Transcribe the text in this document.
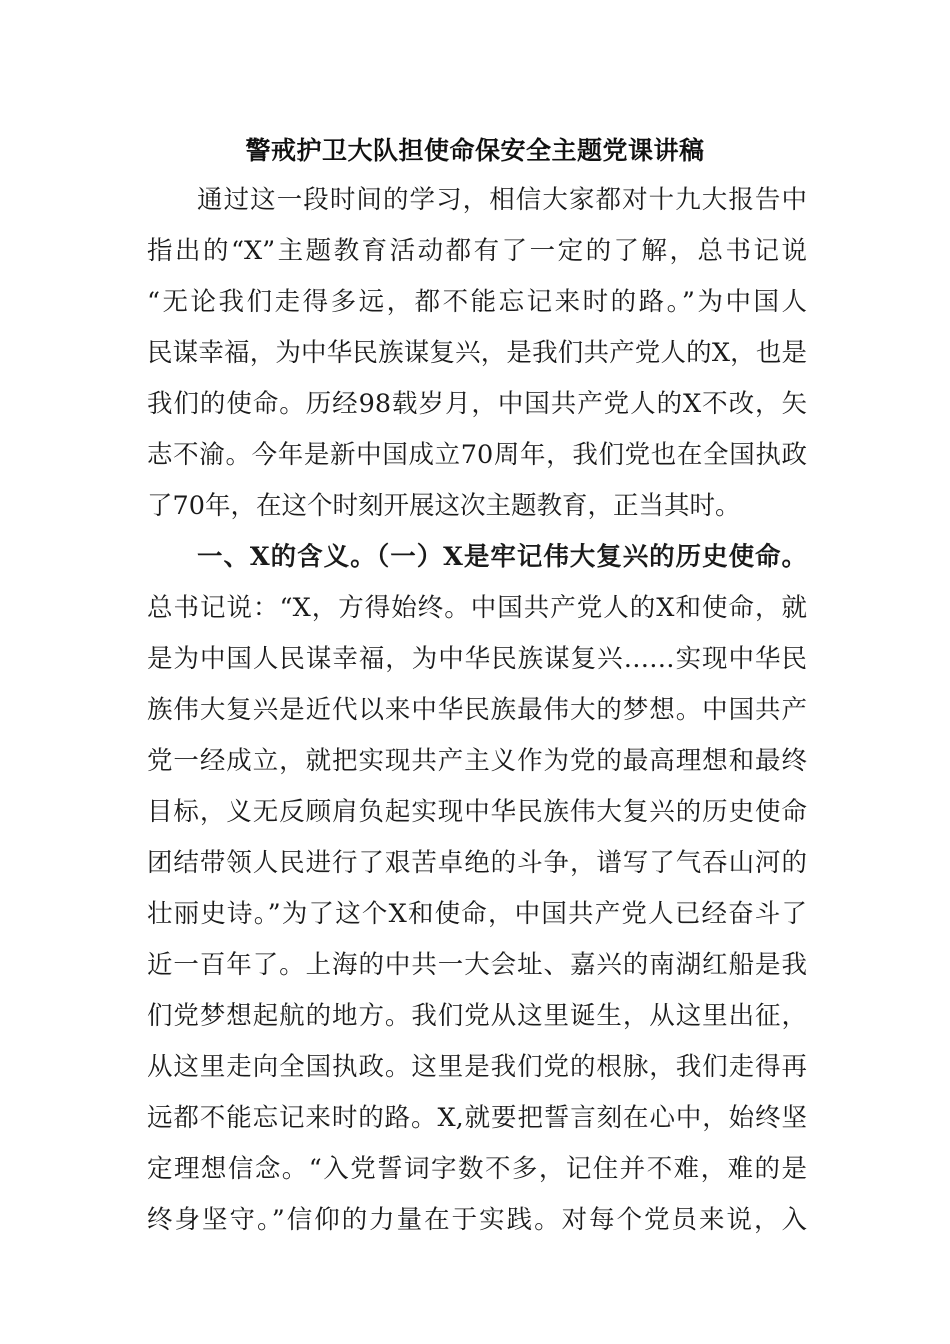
警戒护卫大队担使命保安全主题党课讲稿
通过这一段时间的学习，相信大家都对十九大报告中
指出的“X”主题教育活动都有了一定的了解，总书记说
“无论我们走得多远，都不能忘记来时的路。”为中国人
民谋幸福，为中华民族谋复兴，是我们共产党人的X，也是
我们的使命。历经98载岁月，中国共产党人的X不改，矢
志不渝。今年是新中国成立70周年，我们党也在全国执政
了70年，在这个时刻开展这次主题教育，正当其时。
一、X的含义。（一）X是牢记伟大复兴的历史使命。
总书记说：“X，方得始终。中国共产党人的X和使命，就
是为中国人民谋幸福，为中华民族谋复兴……实现中华民
族伟大复兴是近代以来中华民族最伟大的梦想。中国共产
党一经成立，就把实现共产主义作为党的最高理想和最终
目标，义无反顾肩负起实现中华民族伟大复兴的历史使命
团结带领人民进行了艰苦卓绝的斗争，谱写了气吞山河的
壮丽史诗。”为了这个X和使命，中国共产党人已经奋斗了
近一百年了。上海的中共一大会址、嘉兴的南湖红船是我
们党梦想起航的地方。我们党从这里诞生，从这里出征，
从这里走向全国执政。这里是我们党的根脉，我们走得再
远都不能忘记来时的路。X,就要把誓言刻在心中，始终坚
定理想信念。“入党誓词字数不多，记住并不难，难的是
终身坚守。”信仰的力量在于实践。对每个党员来说，入
